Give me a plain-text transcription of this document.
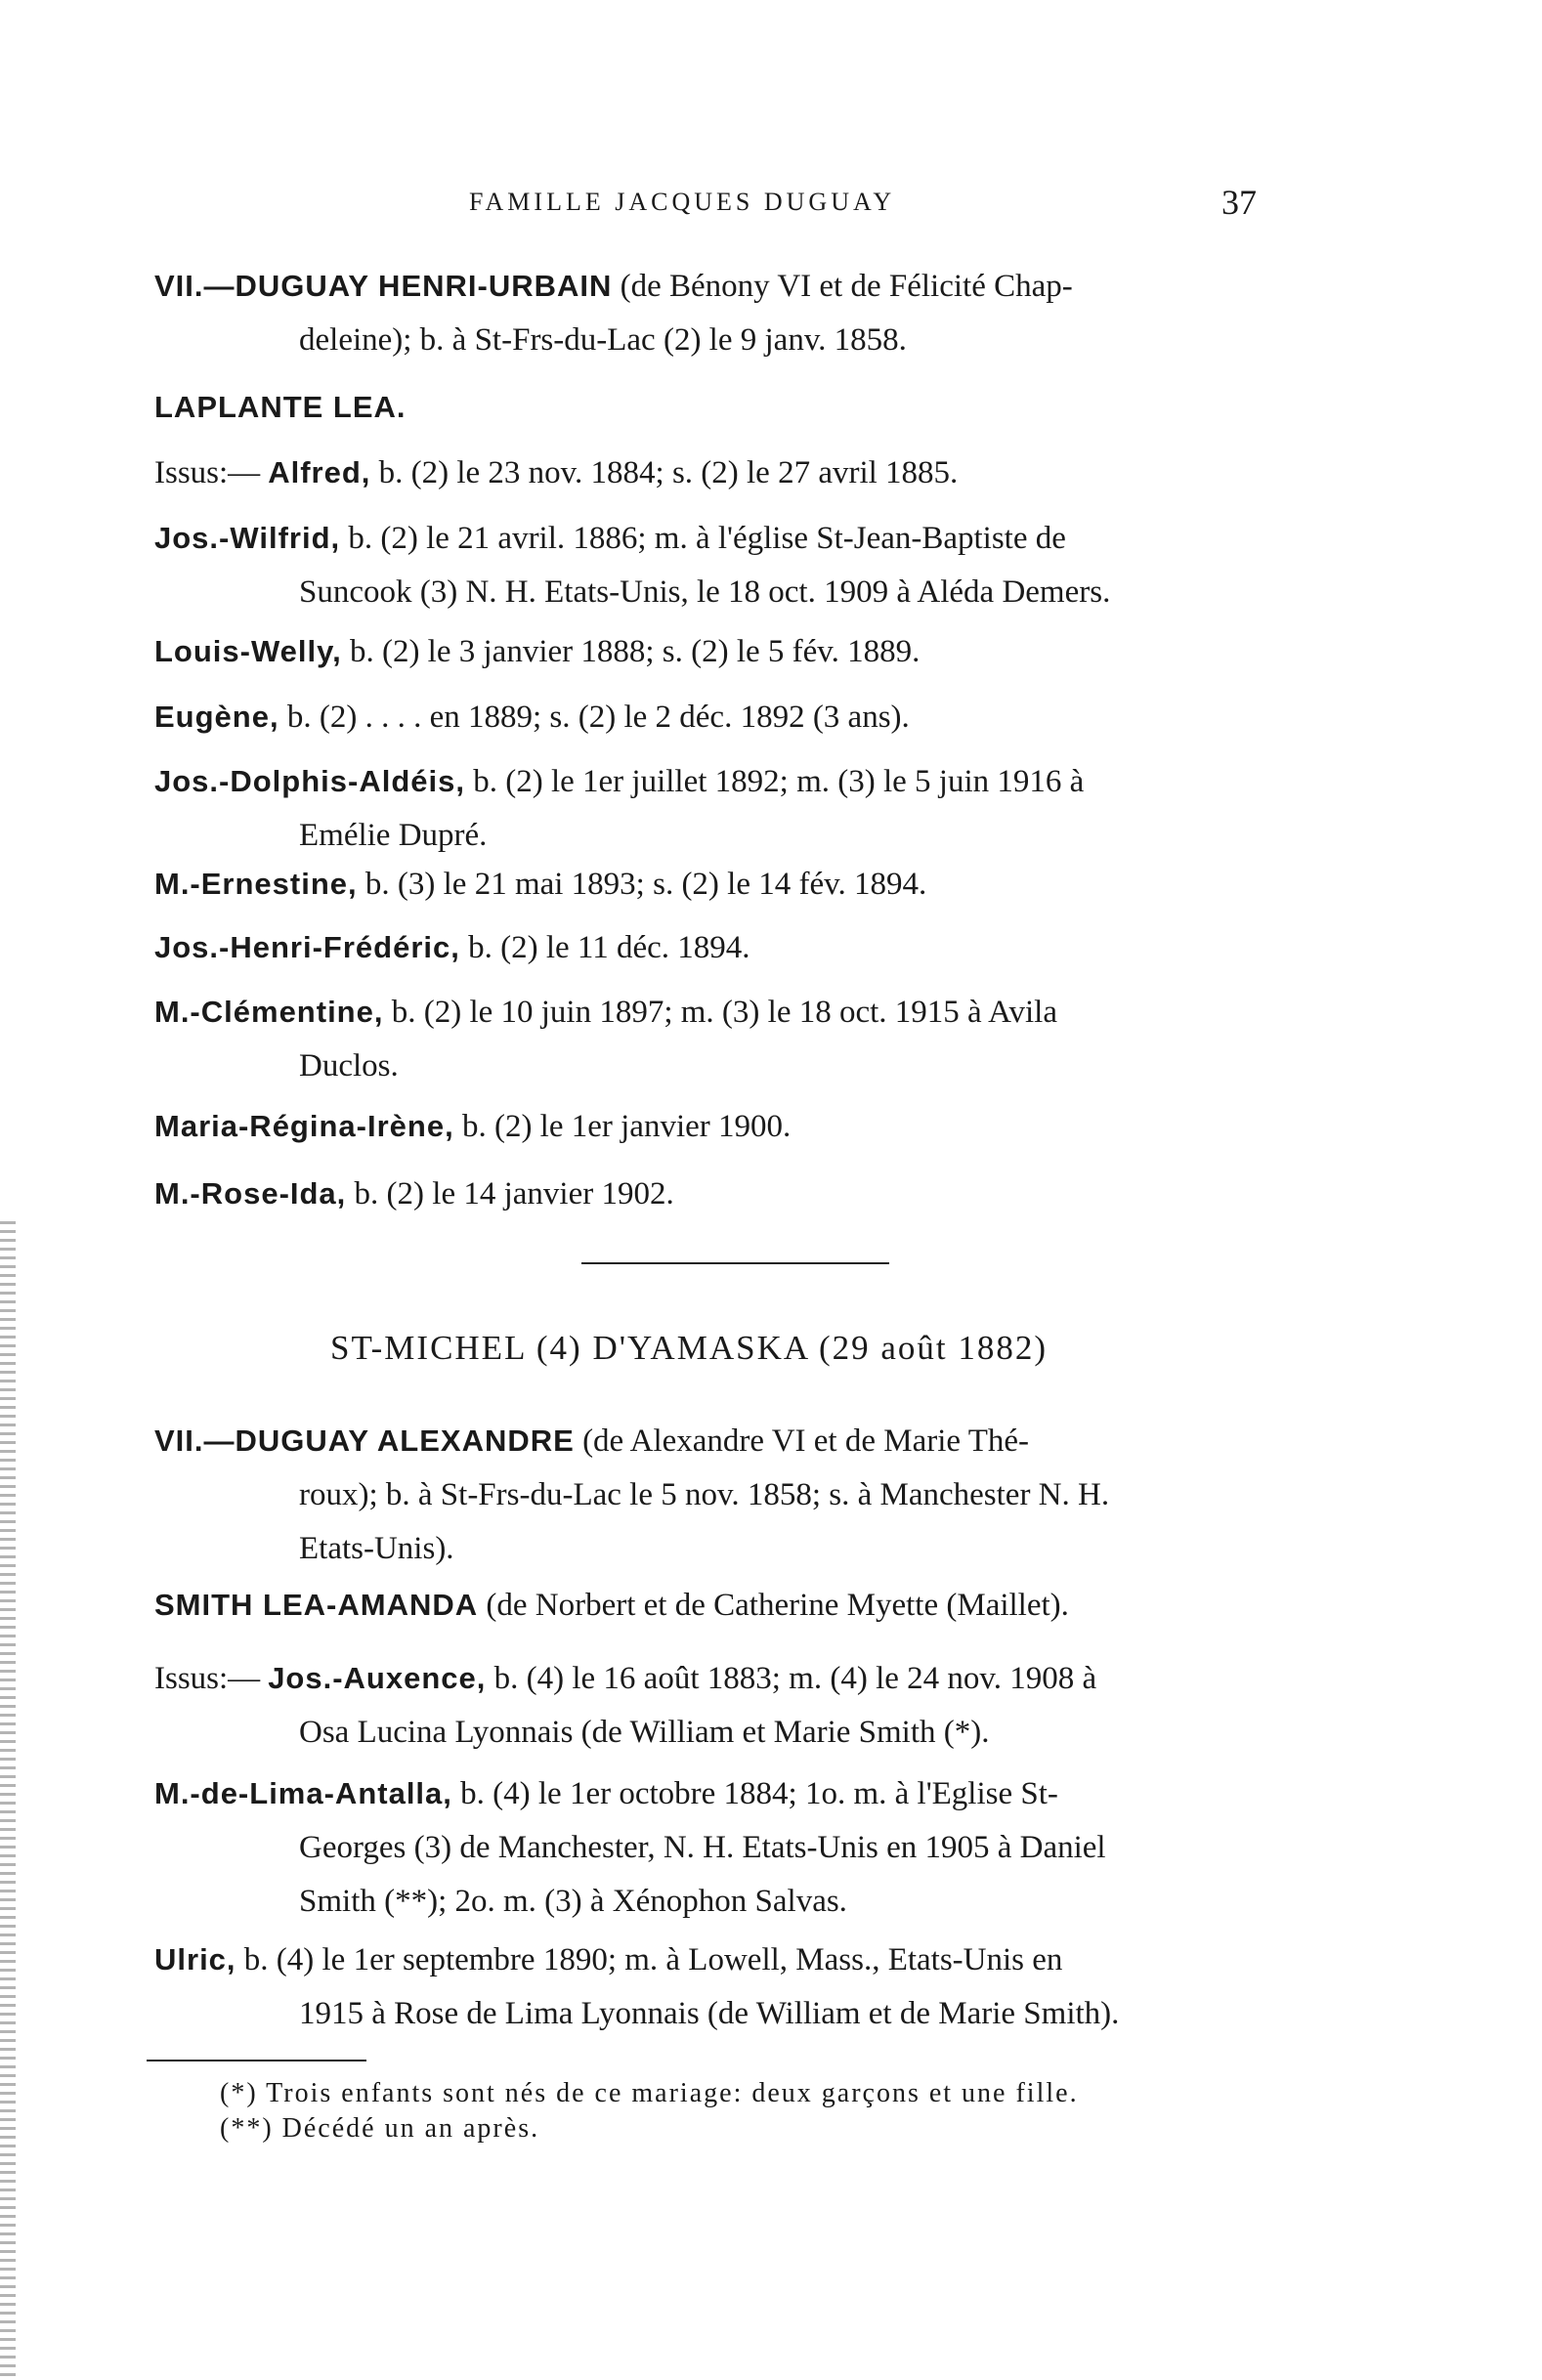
FAMILLE JACQUES DUGUAY	37
VII.—DUGUAY HENRI-URBAIN (de Bénony VI et de Félicité Chap-
deleine); b. à St-Frs-du-Lac (2) le 9 janv. 1858.
LAPLANTE LEA.
Issus:— Alfred, b. (2) le 23 nov. 1884; s. (2) le 27 avril 1885.
Jos.-Wilfrid, b. (2) le 21 avril. 1886; m. à l'église St-Jean-Baptiste de
Suncook (3) N. H. Etats-Unis, le 18 oct. 1909 à Aléda Demers.
Louis-Welly, b. (2) le 3 janvier 1888; s. (2) le 5 fév. 1889.
Eugène, b. (2) . . . . en 1889; s. (2) le 2 déc. 1892 (3 ans).
Jos.-Dolphis-Aldéis, b. (2) le 1er juillet 1892; m. (3) le 5 juin 1916 à
Emélie Dupré.
M.-Ernestine, b. (3) le 21 mai 1893; s. (2) le 14 fév. 1894.
Jos.-Henri-Frédéric, b. (2) le 11 déc. 1894.
M.-Clémentine, b. (2) le 10 juin 1897; m. (3) le 18 oct. 1915 à Avila
Duclos.
Maria-Régina-Irène, b. (2) le 1er janvier 1900.
M.-Rose-Ida, b. (2) le 14 janvier 1902.
ST-MICHEL (4) D'YAMASKA (29 août 1882)
VII.—DUGUAY ALEXANDRE (de Alexandre VI et de Marie Thé-
roux); b. à St-Frs-du-Lac le 5 nov. 1858; s. à Manchester N. H.
Etats-Unis).
SMITH LEA-AMANDA (de Norbert et de Catherine Myette (Maillet).
Issus:— Jos.-Auxence, b. (4) le 16 août 1883; m. (4) le 24 nov. 1908 à
Osa Lucina Lyonnais (de William et Marie Smith (*).
M.-de-Lima-Antalla, b. (4) le 1er octobre 1884; 1o. m. à l'Eglise St-
Georges (3) de Manchester, N. H. Etats-Unis en 1905 à Daniel
Smith (**); 2o. m. (3) à Xénophon Salvas.
Ulric, b. (4) le 1er septembre 1890; m. à Lowell, Mass., Etats-Unis en
1915 à Rose de Lima Lyonnais (de William et de Marie Smith).
(*) Trois enfants sont nés de ce mariage: deux garçons et une fille.
(**) Décédé un an après.
